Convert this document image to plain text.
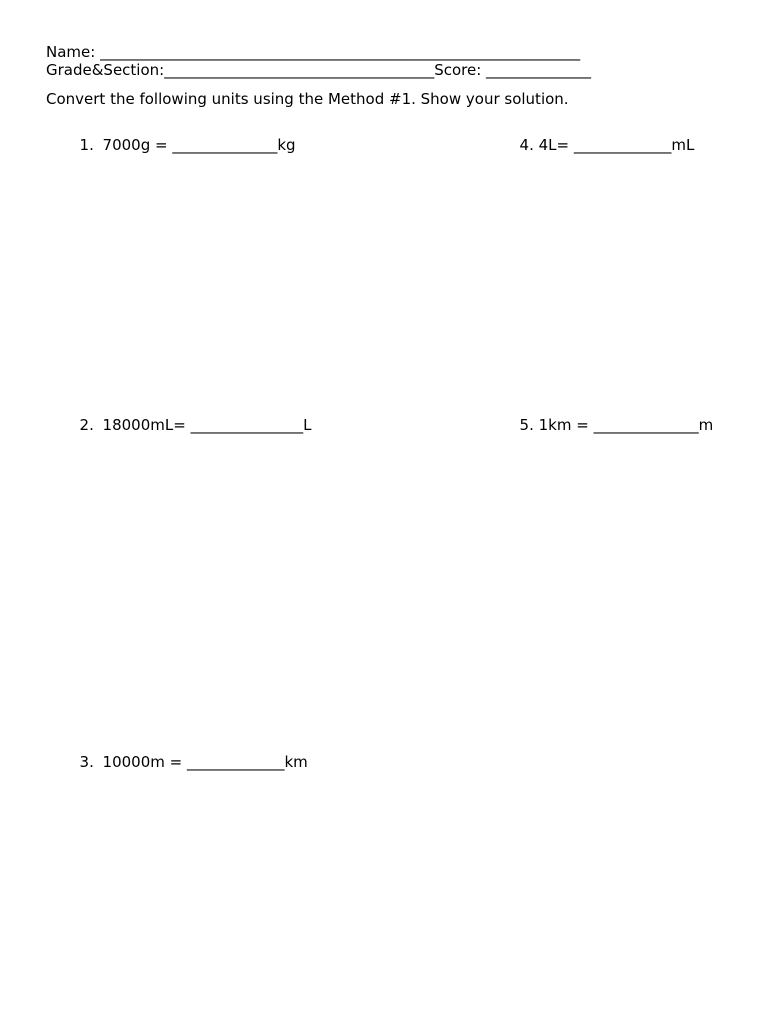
Name: ________________________________________________________________
Grade&Section:____________________________________Score: ______________
Convert the following units using the Method #1. Show your solution.

1. 7000g = ______________kg	4. 4L= _____________mL

2. 18000mL= _______________L	5. 1km = ______________m

3. 10000m = _____________km
